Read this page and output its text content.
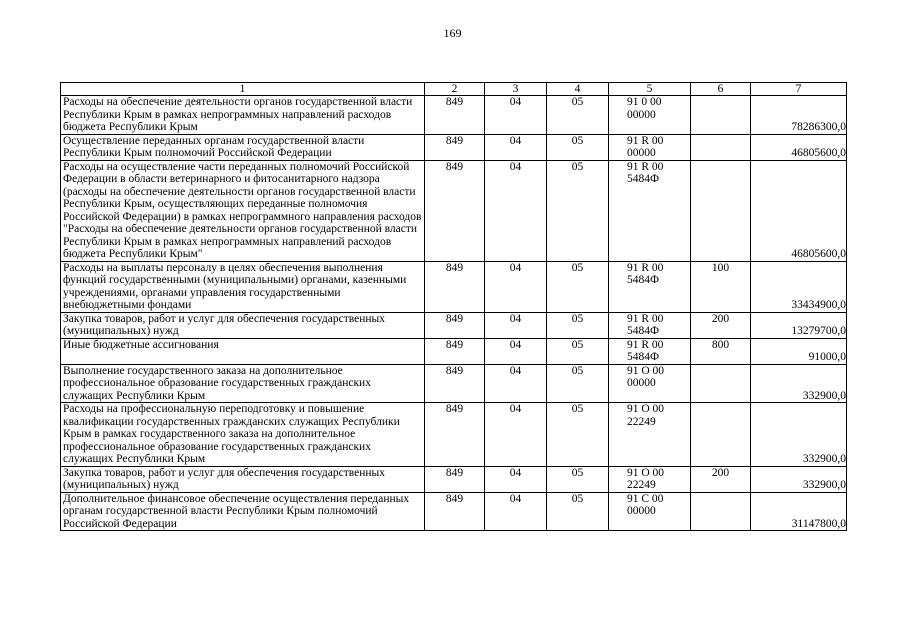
169
1	2	3	4	5	6	7
Расходы на обеспечение деятельности органов государственной власти Республики Крым в рамках непрограммных направлений расходов бюджета Республики Крым	849	04	05	91 0 00 00000		78286300,0
Осуществление переданных органам государственной власти Республики Крым полномочий Российской Федерации	849	04	05	91 R 00 00000		46805600,0
Расходы на осуществление части переданных полномочий Российской Федерации в области ветеринарного и фитосанитарного надзора (расходы на обеспечение деятельности органов государственной власти Республики Крым, осуществляющих переданные полномочия Российской Федерации) в рамках непрограммного направления расходов "Расходы на обеспечение деятельности органов государственной власти Республики Крым в рамках непрограммных направлений расходов бюджета Республики Крым"	849	04	05	91 R 00 5484Ф		46805600,0
Расходы на выплаты персоналу в целях обеспечения выполнения функций государственными (муниципальными) органами, казенными учреждениями, органами управления государственными внебюджетными фондами	849	04	05	91 R 00 5484Ф	100	33434900,0
Закупка товаров, работ и услуг для обеспечения государственных (муниципальных) нужд	849	04	05	91 R 00 5484Ф	200	13279700,0
Иные бюджетные ассигнования	849	04	05	91 R 00 5484Ф	800	91000,0
Выполнение государственного заказа на дополнительное профессиональное образование государственных гражданских служащих Республики Крым	849	04	05	91 О 00 00000		332900,0
Расходы на профессиональную переподготовку и повышение квалификации государственных гражданских служащих Республики Крым в рамках государственного заказа на дополнительное профессиональное образование государственных гражданских служащих Республики Крым	849	04	05	91 О 00 22249		332900,0
Закупка товаров, работ и услуг для обеспечения государственных (муниципальных) нужд	849	04	05	91 О 00 22249	200	332900,0
Дополнительное финансовое обеспечение осуществления переданных органам государственной власти Республики Крым полномочий Российской Федерации	849	04	05	91 С 00 00000		31147800,0
